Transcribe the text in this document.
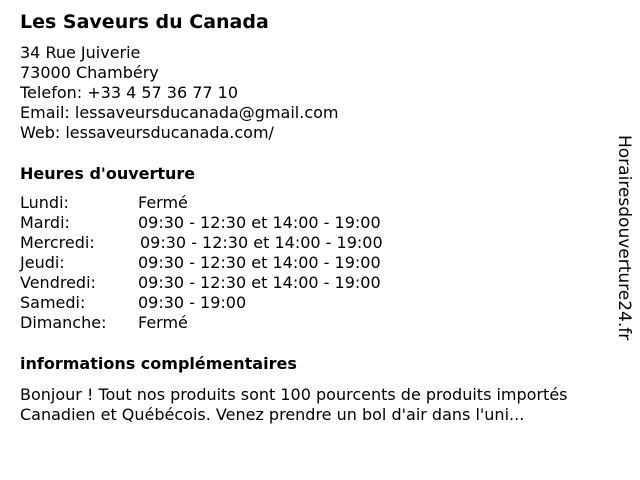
Les Saveurs du Canada
34 Rue Juiverie
73000 Chambéry
Telefon: +33 4 57 36 77 10
Email: lessaveursducanada@gmail.com
Web: lessaveursducanada.com/
Heures d'ouverture
Lundi:	Fermé
Mardi:	09:30 - 12:30 et 14:00 - 19:00
Mercredi:	09:30 - 12:30 et 14:00 - 19:00
Jeudi:	09:30 - 12:30 et 14:00 - 19:00
Vendredi:	09:30 - 12:30 et 14:00 - 19:00
Samedi:	09:30 - 19:00
Dimanche: Fermé
informations complémentaires
Bonjour ! Tout nos produits sont 100 pourcents de produits importés
Canadien et Québécois. Venez prendre un bol d'air dans l'uni...
Horairesdouverture24.fr
